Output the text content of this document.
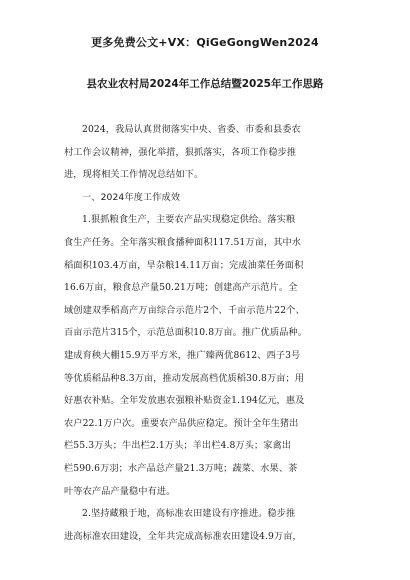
更多免费公文+VX：QiGeGongWen2024
县农业农村局2024年工作总结暨2025年工作思路
2024，我局认真贯彻落实中央、省委、市委和县委农
村工作会议精神，强化举措，狠抓落实，各项工作稳步推
进，现将相关工作情况总结如下。
一、2024年度工作成效
1.狠抓粮食生产，主要农产品实现稳定供给。落实粮
食生产任务。全年落实粮食播种面积117.51万亩，其中水
稻面积103.4万亩，旱杂粮14.11万亩；完成油菜任务面积
16.6万亩，粮食总产量50.21万吨；创建高产示范片。全
域创建双季稻高产万亩综合示范片2个、千亩示范片22个、
百亩示范片315个，示范总面积10.8万亩。推广优质品种。
建成育秧大棚15.9万平方米，推广臻两优8612、西子3号
等优质稻品种8.3万亩，推动发展高档优质稻30.8万亩；用
好惠农补贴。全年发放惠农强粮补贴资金1.194亿元，惠及
农户22.1万户次。重要农产品供应稳定。预计全年生猪出
栏55.3万头；牛出栏2.1万头；羊出栏4.8万头；家禽出
栏590.6万羽；水产品总产量21.3万吨；蔬菜、水果、茶
叶等农产品产量稳中有进。
2.坚持藏粮于地，高标准农田建设有序推进。稳步推
进高标准农田建设，全年共完成高标准农田建设4.9万亩，
